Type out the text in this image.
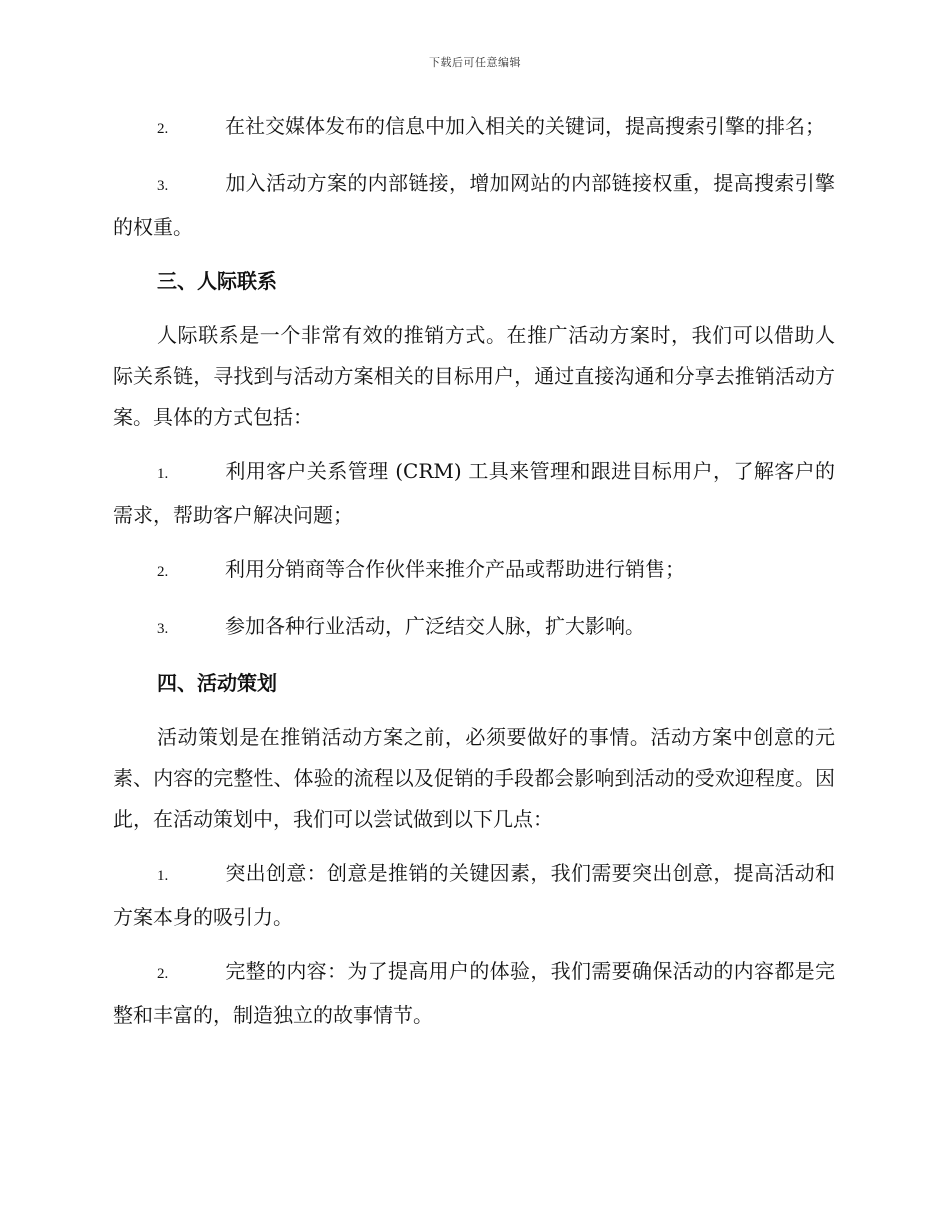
下载后可任意编辑

2.	在社交媒体发布的信息中加入相关的关键词，提高搜索引擎的排名；

3.	加入活动方案的内部链接，增加网站的内部链接权重，提高搜索引擎的权重。

三、人际联系

人际联系是一个非常有效的推销方式。在推广活动方案时，我们可以借助人际关系链，寻找到与活动方案相关的目标用户，通过直接沟通和分享去推销活动方案。具体的方式包括：

1.	利用客户关系管理 (CRM) 工具来管理和跟进目标用户，了解客户的需求，帮助客户解决问题；

2.	利用分销商等合作伙伴来推介产品或帮助进行销售；

3.	参加各种行业活动，广泛结交人脉，扩大影响。

四、活动策划

活动策划是在推销活动方案之前，必须要做好的事情。活动方案中创意的元素、内容的完整性、体验的流程以及促销的手段都会影响到活动的受欢迎程度。因此，在活动策划中，我们可以尝试做到以下几点：

1.	突出创意：创意是推销的关键因素，我们需要突出创意，提高活动和方案本身的吸引力。

2.	完整的内容：为了提高用户的体验，我们需要确保活动的内容都是完整和丰富的，制造独立的故事情节。
